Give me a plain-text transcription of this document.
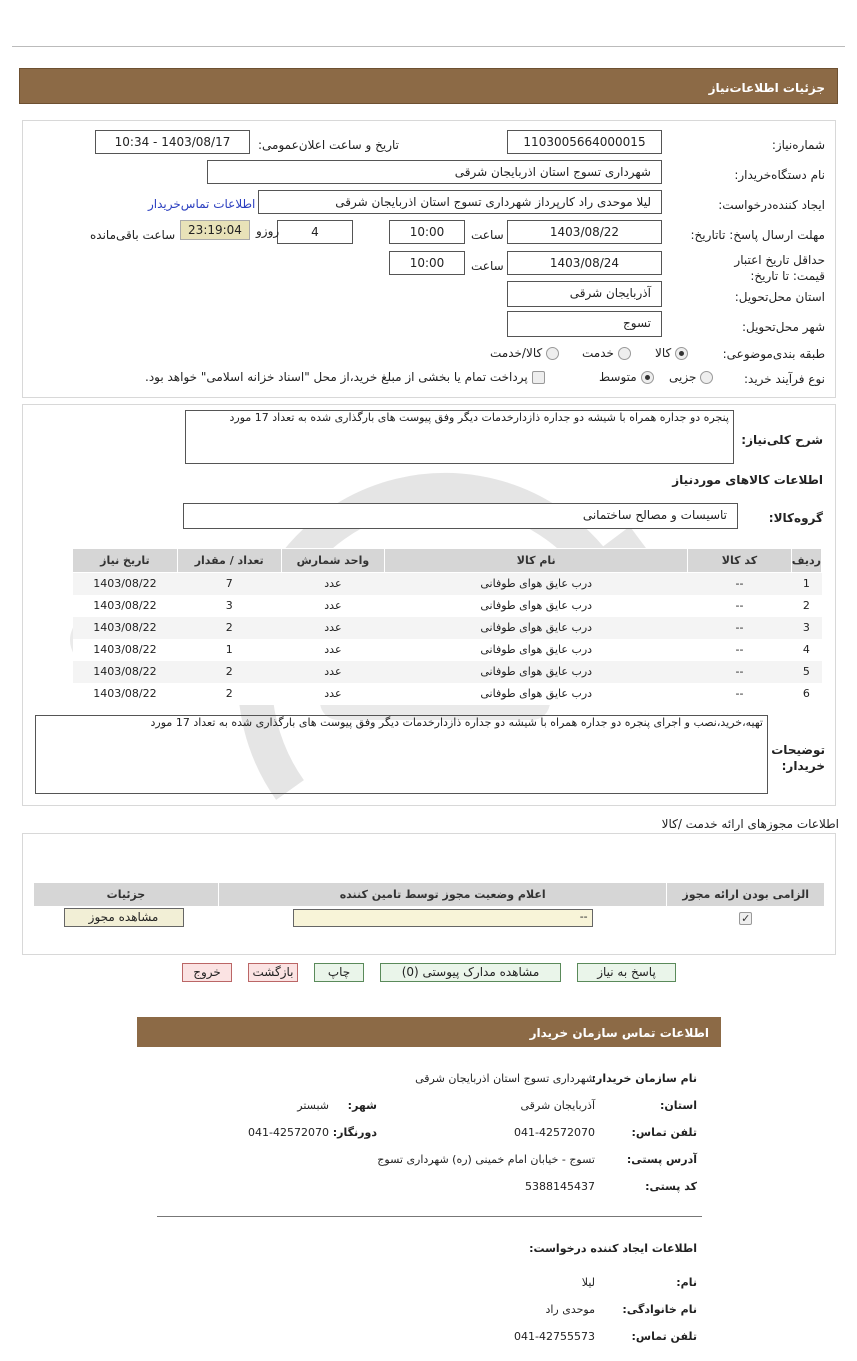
جزئیات اطلاعات‌نیاز
شماره‌نیاز:
1103005664000015
تاریخ و ساعت اعلان‌عمومی:
1403/08/17 - 10:34
نام دستگاه‌خریدار:
شهرداری تسوج استان اذربایجان شرقی
ایجاد کننده‌درخواست:
لیلا موحدی راد کارپرداز شهرداری تسوج استان اذربایجان شرقی
اطلاعات تماس‌خریدار
مهلت ارسال پاسخ: تاتاریخ:
1403/08/22
ساعت
10:00
4
روزو
23:19:04
ساعت باقی‌مانده
حداقل تاریخ اعتبار قیمت: تا تاریخ:
1403/08/24
ساعت
10:00
استان محل‌تحویل:
آذربایجان شرقی
شهر محل‌تحویل:
تسوج
طبقه بندی‌موضوعی:
کالا
خدمت
کالا/خدمت
نوع فرآیند خرید:
جزیی
متوسط
پرداخت تمام یا بخشی از مبلغ خرید،از محل "اسناد خزانه اسلامی" خواهد بود.
پنجره دو جداره همراه با شیشه دو جداره ذازدارخدمات دیگر وفق پیوست های بارگذاری شده به تعداد 17 مورد
شرح کلی‌نیاز:
اطلاعات کالاهای موردنیاز
گروه‌کالا:
تاسیسات و مصالح ساختمانی
ردیف	کد کالا	نام کالا	واحد شمارش	تعداد / مقدار	تاریخ نیاز
1	--	درب عایق هوای طوفانی	عدد	7	1403/08/22
2	--	درب عایق هوای طوفانی	عدد	3	1403/08/22
3	--	درب عایق هوای طوفانی	عدد	2	1403/08/22
4	--	درب عایق هوای طوفانی	عدد	1	1403/08/22
5	--	درب عایق هوای طوفانی	عدد	2	1403/08/22
6	--	درب عایق هوای طوفانی	عدد	2	1403/08/22
تهیه،خرید،نصب و اجرای پنجره دو جداره همراه با شیشه دو جداره ذازدارخدمات دیگر وفق پیوست های بارگذاری شده به تعداد 17 مورد
توضیحات خریدار:
اطلاعات مجوزهای ارائه خدمت /کالا
الزامی بودن ارائه مجوز	اعلام وضعیت مجوز توسط تامین کننده	جزئیات
✓	
--	مشاهده مجوز
پاسخ به نیاز
مشاهده مدارک پیوستی (0)
چاپ
بازگشت
خروج
اطلاعات تماس سازمان خریدار
نام سازمان خریدار:
شهرداری تسوج استان اذربایجان شرقی
استان:
آذربایجان شرقی
شهر:
شبستر
تلفن تماس:
041-42572070
دورنگار:
041-42572070
آدرس پستی:
تسوج - خیابان امام خمینی (ره) شهرداری تسوج
کد پستی:
5388145437
اطلاعات ایجاد کننده درخواست:
نام:
لیلا
نام خانوادگی:
موحدی راد
تلفن تماس:
041-42755573
